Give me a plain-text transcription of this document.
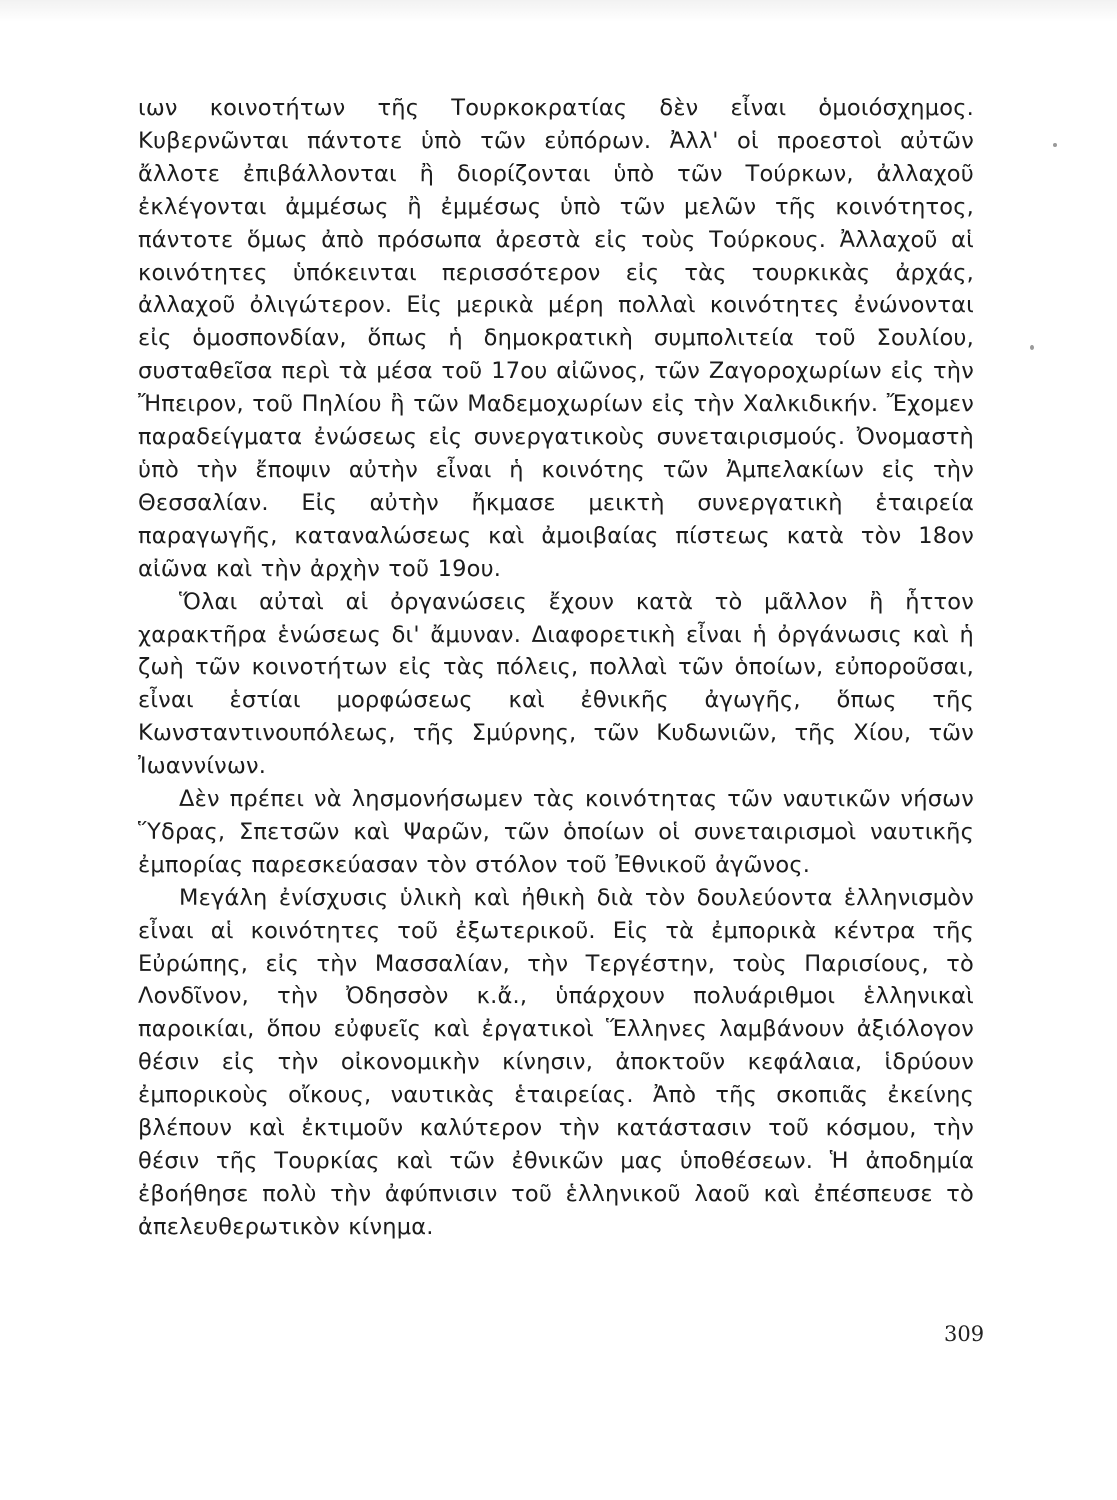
ιων κοινοτήτων τῆς Τουρκοκρατίας δὲν εἶναι ὁμοιόσχημος. Κυβερνῶνται πάντοτε ὑπὸ τῶν εὐπόρων. Ἀλλ' οἱ προεστοὶ αὐτῶν ἄλλοτε ἐπιβάλλονται ἢ διορίζονται ὑπὸ τῶν Τούρκων, ἀλλαχοῦ ἐκλέγονται ἀμμέσως ἢ ἐμμέσως ὑπὸ τῶν μελῶν τῆς κοινότητος, πάντοτε ὅμως ἀπὸ πρόσωπα ἀρεστὰ εἰς τοὺς Τούρκους. Ἀλλαχοῦ αἱ κοινότητες ὑπόκεινται περισσότερον εἰς τὰς τουρκικὰς ἀρχάς, ἀλλαχοῦ ὀλιγώτερον. Εἰς μερικὰ μέρη πολλαὶ κοινότητες ἐνώνονται εἰς ὁμοσπονδίαν, ὅπως ἡ δημοκρατικὴ συμπολιτεία τοῦ Σουλίου, συσταθεῖσα περὶ τὰ μέσα τοῦ 17ου αἰῶνος, τῶν Ζαγοροχωρίων εἰς τὴν Ἤπειρον, τοῦ Πηλίου ἢ τῶν Μαδεμοχωρίων εἰς τὴν Χαλκιδικήν. Ἔχομεν παραδείγματα ἐνώσεως εἰς συνεργατικοὺς συνεταιρισμούς. Ὀνομαστὴ ὑπὸ τὴν ἔποψιν αὐτὴν εἶναι ἡ κοινότης τῶν Ἀμπελακίων εἰς τὴν Θεσσαλίαν. Εἰς αὐτὴν ἤκμασε μεικτὴ συνεργατικὴ ἑταιρεία παραγωγῆς, καταναλώσεως καὶ ἀμοιβαίας πίστεως κατὰ τὸν 18ον αἰῶνα καὶ τὴν ἀρχὴν τοῦ 19ου.

Ὅλαι αὐταὶ αἱ ὀργανώσεις ἔχουν κατὰ τὸ μᾶλλον ἢ ἧττον χαρακτῆρα ἑνώσεως δι' ἄμυναν. Διαφορετικὴ εἶναι ἡ ὀργάνωσις καὶ ἡ ζωὴ τῶν κοινοτήτων εἰς τὰς πόλεις, πολλαὶ τῶν ὁποίων, εὐποροῦσαι, εἶναι ἑστίαι μορφώσεως καὶ ἐθνικῆς ἀγωγῆς, ὅπως τῆς Κωνσταντινουπόλεως, τῆς Σμύρνης, τῶν Κυδωνιῶν, τῆς Χίου, τῶν Ἰωαννίνων.

Δὲν πρέπει νὰ λησμονήσωμεν τὰς κοινότητας τῶν ναυτικῶν νήσων Ὕδρας, Σπετσῶν καὶ Ψαρῶν, τῶν ὁποίων οἱ συνεταιρισμοὶ ναυτικῆς ἐμπορίας παρεσκεύασαν τὸν στόλον τοῦ Ἐθνικοῦ ἀγῶνος.

Μεγάλη ἐνίσχυσις ὑλικὴ καὶ ἠθικὴ διὰ τὸν δουλεύοντα ἑλληνισμὸν εἶναι αἱ κοινότητες τοῦ ἐξωτερικοῦ. Εἰς τὰ ἐμπορικὰ κέντρα τῆς Εὐρώπης, εἰς τὴν Μασσαλίαν, τὴν Τεργέστην, τοὺς Παρισίους, τὸ Λονδῖνον, τὴν Ὀδησσὸν κ.ἄ., ὑπάρχουν πολυάριθμοι ἑλληνικαὶ παροικίαι, ὅπου εὐφυεῖς καὶ ἐργατικοὶ Ἕλληνες λαμβάνουν ἀξιόλογον θέσιν εἰς τὴν οἰκονομικὴν κίνησιν, ἀποκτοῦν κεφάλαια, ἱδρύουν ἐμπορικοὺς οἴκους, ναυτικὰς ἑταιρείας. Ἀπὸ τῆς σκοπιᾶς ἐκείνης βλέπουν καὶ ἐκτιμοῦν καλύτερον τὴν κατάστασιν τοῦ κόσμου, τὴν θέσιν τῆς Τουρκίας καὶ τῶν ἐθνικῶν μας ὑποθέσεων. Ἡ ἀποδημία ἐβοήθησε πολὺ τὴν ἀφύπνισιν τοῦ ἑλληνικοῦ λαοῦ καὶ ἐπέσπευσε τὸ ἀπελευθερωτικὸν κίνημα.

309
